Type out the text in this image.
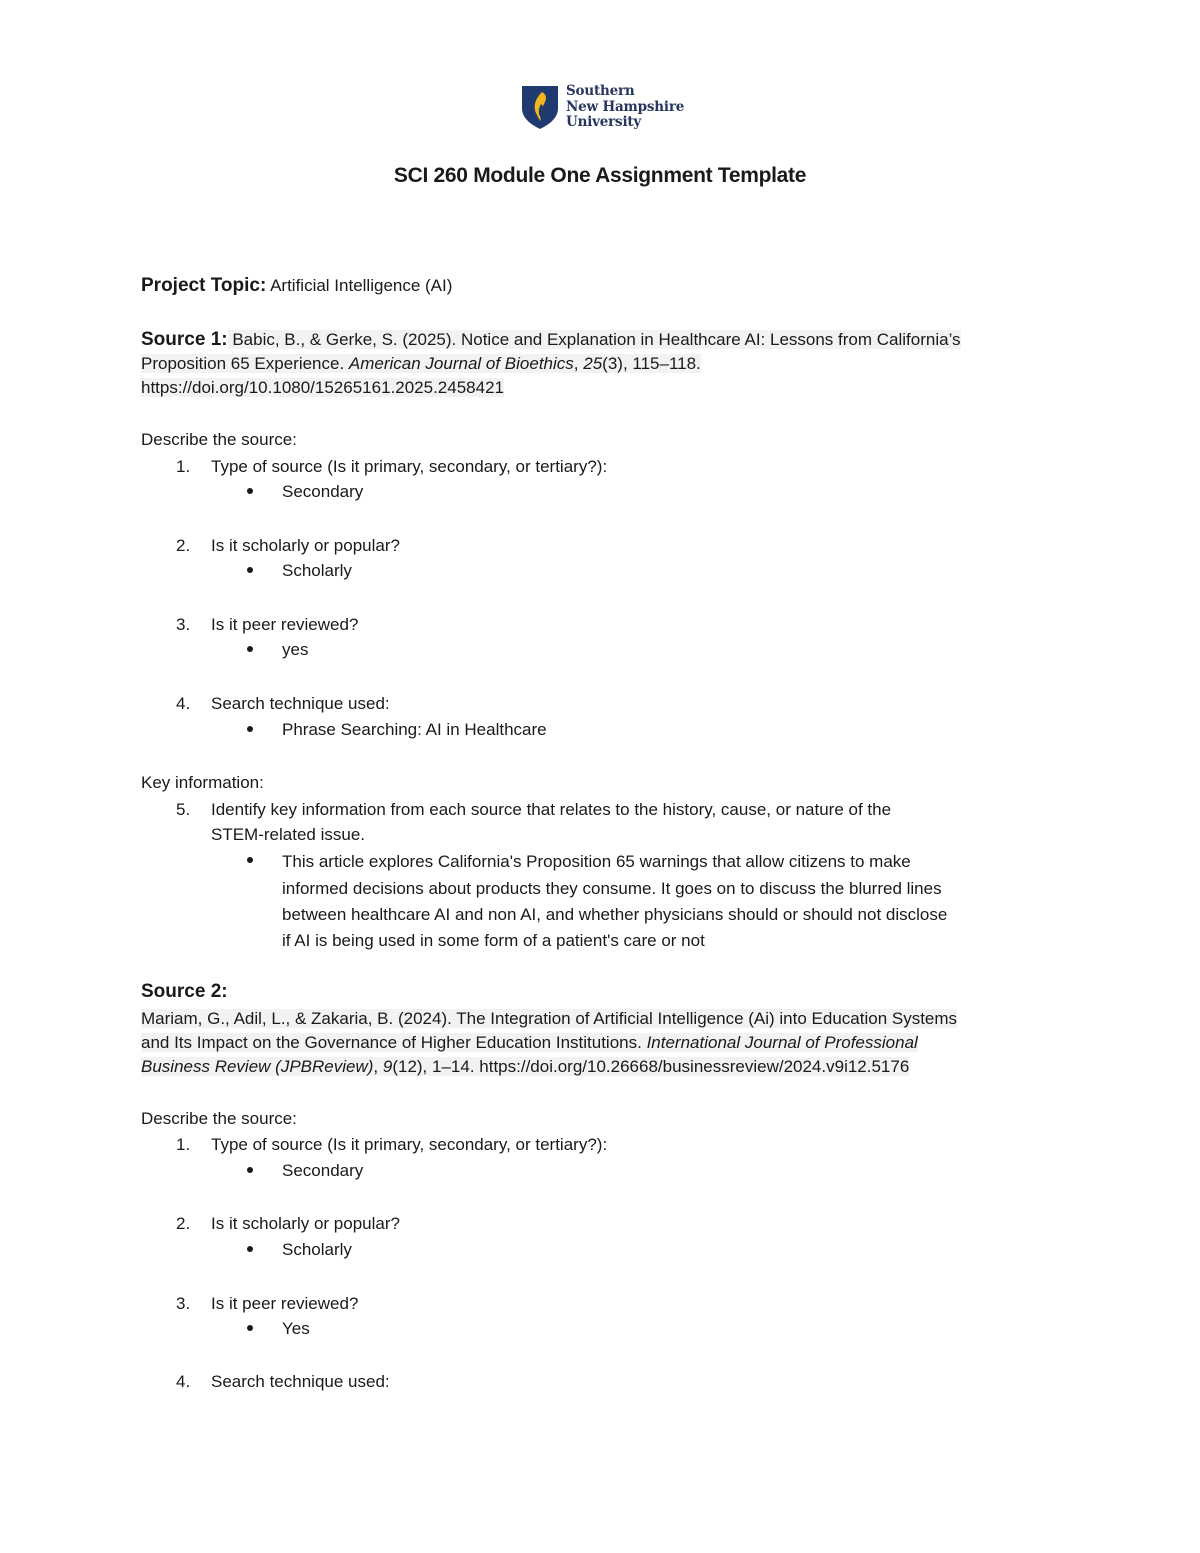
Southern
New Hampshire
University
SCI 260 Module One Assignment Template
Project Topic: Artificial Intelligence (AI)
Source 1: Babic, B., & Gerke, S. (2025). Notice and Explanation in Healthcare AI: Lessons from California’s
Proposition 65 Experience. American Journal of Bioethics, 25(3), 115–118.
https://doi.org/10.1080/15265161.2025.2458421
Describe the source:
1. Type of source (Is it primary, secondary, or tertiary?):
Secondary
2. Is it scholarly or popular?
Scholarly
3. Is it peer reviewed?
yes
4. Search technique used:
Phrase Searching: AI in Healthcare
Key information:
5. Identify key information from each source that relates to the history, cause, or nature of the
STEM-related issue.
This article explores California's Proposition 65 warnings that allow citizens to make
informed decisions about products they consume. It goes on to discuss the blurred lines
between healthcare AI and non AI, and whether physicians should or should not disclose
if AI is being used in some form of a patient's care or not
Source 2:
Mariam, G., Adil, L., & Zakaria, B. (2024). The Integration of Artificial Intelligence (Ai) into Education Systems
and Its Impact on the Governance of Higher Education Institutions. International Journal of Professional
Business Review (JPBReview), 9(12), 1–14. https://doi.org/10.26668/businessreview/2024.v9i12.5176
Describe the source:
1. Type of source (Is it primary, secondary, or tertiary?):
Secondary
2. Is it scholarly or popular?
Scholarly
3. Is it peer reviewed?
Yes
4. Search technique used:
